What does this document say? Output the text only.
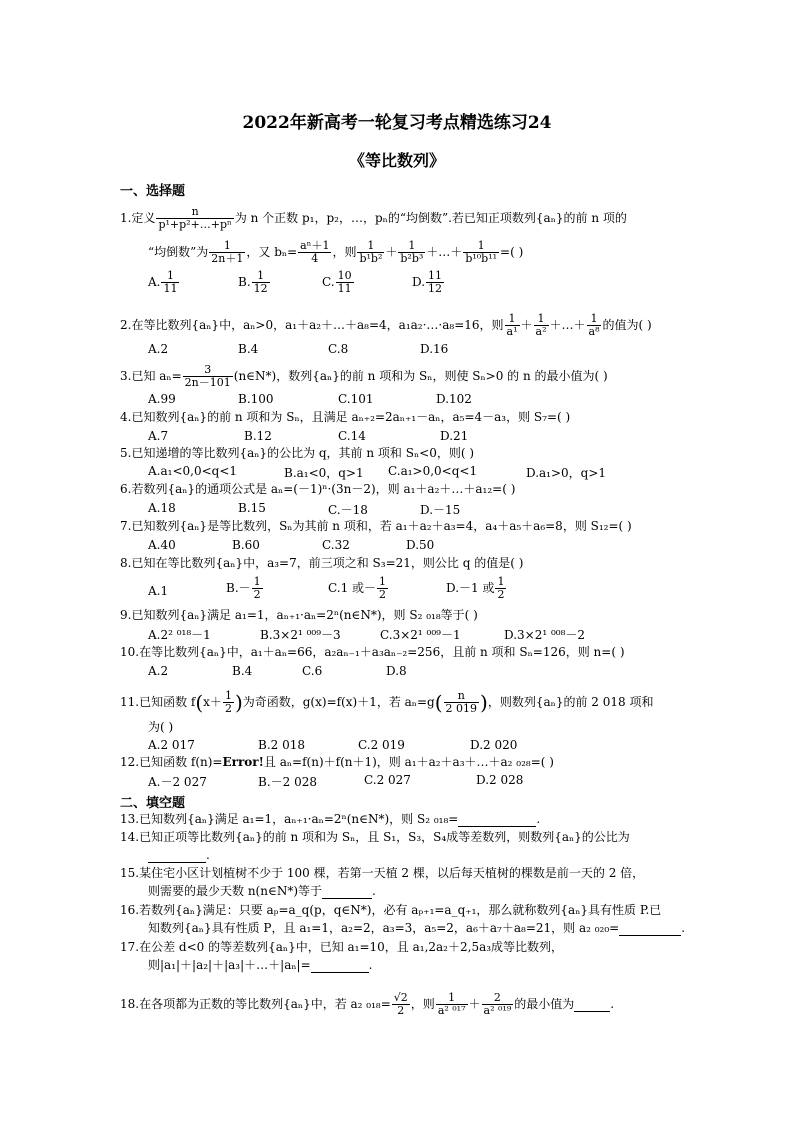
2022年新高考一轮复习考点精选练习24
《等比数列》
一、选择题
1.定义 $\frac{n}{\text{p¹+p²+…+pⁿ}}$ 为 n 个正数 p₁，p₂，…，pₙ的“均倒数”.若已知正项数列{aₙ}的前 n 项的
“均倒数”为 $\frac{1}{2n+1}$ ，又 $b_n= \frac{\text{aⁿ＋1}}{4}$ ，则 $\frac{1}{\text{b¹b²}} + \frac{1}{\text{b²b³}}$ ＋…＋ $\frac{1}{\text{b¹⁰b¹¹}}$ =( )
A. $\frac{1}{11}$	B. $\frac{1}{12}$	C. $\frac{10}{11}$	D. $\frac{11}{12}$
2.在等比数列{aₙ}中，aₙ>0，a₁＋a₂＋…＋a₈=4，a₁a₂·…·a₈=16，则 $\frac{1}{\text{a¹}} + \frac{1}{\text{a²}}$ ＋…＋ $\frac{1}{\text{a⁸}}$ 的值为( )
A.2	B.4	C.8	D.16
3.已知 $a_n= \frac{3}{2n-101}$ (n∈N*)，数列{aₙ}的前 n 项和为 Sₙ，则使 Sₙ>0 的 n 的最小值为( )
A.99	B.100	C.101	D.102
4.已知数列{aₙ}的前 n 项和为 Sₙ，且满足 aₙ₊₂=2aₙ₊₁－aₙ，a₅=4－a₃，则 S₇=( )
A.7	B.12	C.14	D.21
5.已知递增的等比数列{aₙ}的公比为 q，其前 n 项和 Sₙ<0，则( )
A.a₁<0,0<q<1	B.a₁<0，q>1 C.a₁>0,0<q<1	D.a₁>0，q>1
6.若数列{aₙ}的通项公式是 aₙ=(－1)ⁿ·(3n－2)，则 a₁＋a₂＋…＋a₁₂=( )
A.18	B.15	C.－18	D.－15
7.已知数列{aₙ}是等比数列，Sₙ为其前 n 项和，若 a₁＋a₂＋a₃=4，a₄＋a₅＋a₆=8，则 S₁₂=( )
A.40	B.60	C.32	D.50
8.已知在等比数列{aₙ}中，a₃=7，前三项之和 S₃=21，则公比 q 的值是( )
A.1	$B.- \frac{1}{2}$	C.1 或－ $\frac{1}{2}$	D.－1 或 $\frac{1}{2}$
9.已知数列{aₙ}满足 a₁=1，aₙ₊₁·aₙ=2ⁿ(n∈N*)，则 S₂ ₀₁₈等于( )
A.2² ⁰¹⁸－1	B.3×2¹ ⁰⁰⁹－3	C.3×2¹ ⁰⁰⁹－1	D.3×2¹ ⁰⁰⁸－2
10.在等比数列{aₙ}中，a₁＋aₙ=66，a₂aₙ₋₁＋a₃aₙ₋₂=256，且前 n 项和 Sₙ=126，则 n=( )
A.2	B.4	C.6	D.8
11.已知函数 $f(x+ \frac{1}{2}$ )为奇函数，g(x)=f(x)＋1，若 $a_n=g( \frac{n}{2 019}$ )，则数列{aₙ}的前 2 018 项和
为( )
A.2 017	B.2 018	C.2 019	D.2 020
12.已知函数 f(n)=Error!且 aₙ=f(n)＋f(n＋1)，则 a₁＋a₂＋a₃＋…＋a₂ ₀₂₈=( )
A.－2 027	B.－2 028	C.2 027	D.2 028
二、填空题
13.已知数列{aₙ}满足 a₁=1，aₙ₊₁·aₙ=2ⁿ(n∈N*)，则 S₂ ₀₁₈=	.
14.已知正项等比数列{aₙ}的前 n 项和为 Sₙ，且 S₁，S₃，S₄成等差数列，则数列{aₙ}的公比为
.
15.某住宅小区计划植树不少于 100 棵，若第一天植 2 棵，以后每天植树的棵数是前一天的 2 倍，
则需要的最少天数 n(n∈N*)等于	.
16.若数列{aₙ}满足：只要 aₚ=a_q(p，q∈N*)，必有 aₚ₊₁=a_q₊₁，那么就称数列{aₙ}具有性质 P.已
知数列{aₙ}具有性质 P，且 a₁=1，a₂=2，a₃=3，a₅=2，a₆＋a₇＋a₈=21，则 a₂ ₀₂₀=	.
17.在公差 d<0 的等差数列{aₙ}中，已知 a₁=10，且 a₁,2a₂＋2,5a₃成等比数列，
则|a₁|＋|a₂|＋|a₃|＋…＋|aₙ|=	.
18.在各项都为正数的等比数列{aₙ}中，若 a₂ $_{018}= \frac{√2}{2}$ ，则 $\frac{1}{\text{a² ⁰¹⁷}} + \frac{2}{\text{a² ⁰¹⁹}}$ 的最小值为	.
